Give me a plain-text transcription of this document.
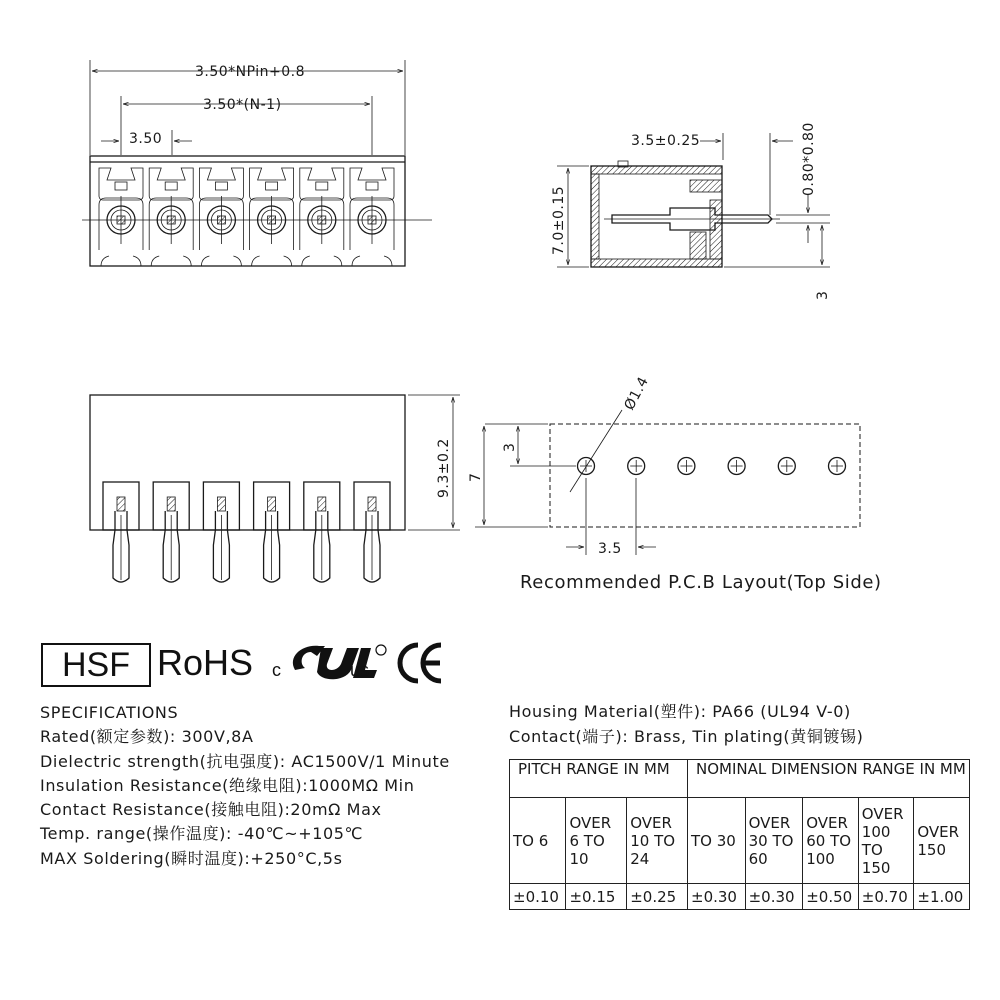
3.50*NPin+0.8
3.50*(N-1)
3.50	3.5±0.25
7.0±0.15
0.80*0.80
3
9.3±0.2
Ø1.4
3
7
3.5
Recommended P.C.B Layout(Top Side)
HSF RoHS c	us
SPECIFICATIONS
Rated(额定参数): 300V,8A
Dielectric strength(抗电强度): AC1500V/1 Minute
Insulation Resistance(绝缘电阻):1000MΩ Min
Contact Resistance(接触电阻):20mΩ Max
Temp. range(操作温度): -40℃~+105℃
MAX Soldering(瞬时温度):+250°C,5s
Housing Material(塑件): PA66 (UL94 V-0)
Contact(端子): Brass, Tin plating(黄铜镀锡)
PITCH RANGE IN MM			NOMINAL DIMENSION RANGE IN MM				
TO 6	OVER 6 TO 10	OVER 10 TO 24	TO 30	OVER 30 TO 60	OVER 60 TO 100	OVER 100 TO 150	OVER 150
±0.10	±0.15	±0.25	±0.30	±0.30	±0.50	±0.70	±1.00
